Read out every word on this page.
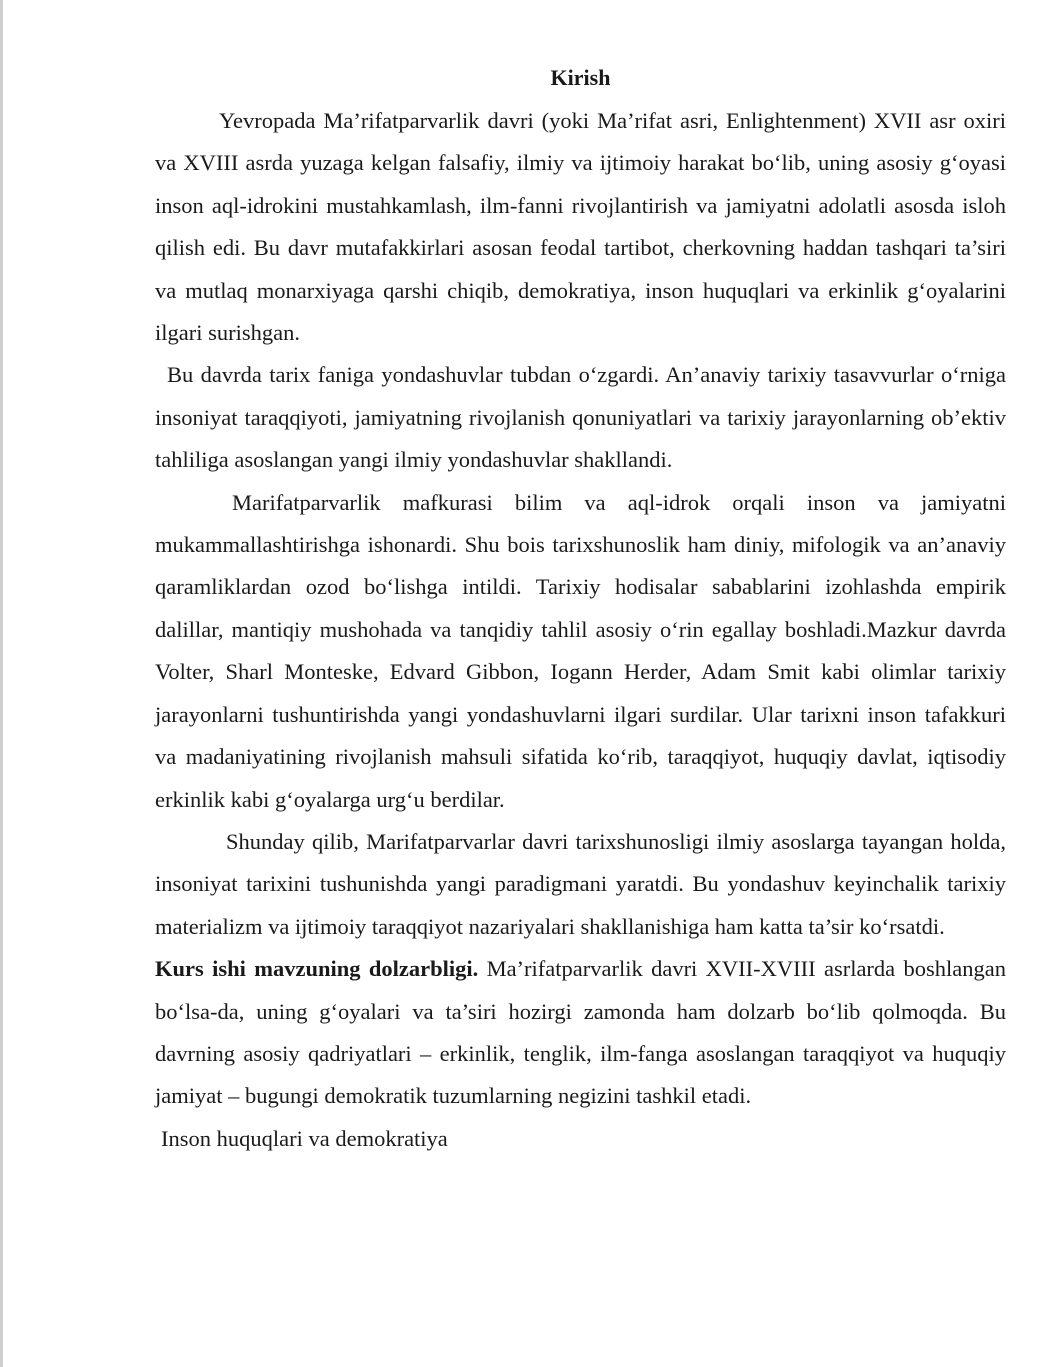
Kirish

Yevropada Ma’rifatparvarlik davri (yoki Ma’rifat asri, Enlightenment) XVII asr oxiri va XVIII asrda yuzaga kelgan falsafiy, ilmiy va ijtimoiy harakat bo‘lib, uning asosiy g‘oyasi inson aql-idrokini mustahkamlash, ilm-fanni rivojlantirish va jamiyatni adolatli asosda isloh qilish edi. Bu davr mutafakkirlari asosan feodal tartibot, cherkovning haddan tashqari ta’siri va mutlaq monarxiyaga qarshi chiqib, demokratiya, inson huquqlari va erkinlik g‘oyalarini ilgari surishgan.

Bu davrda tarix faniga yondashuvlar tubdan o‘zgardi. An’anaviy tarixiy tasavvurlar o‘rniga insoniyat taraqqiyoti, jamiyatning rivojlanish qonuniyatlari va tarixiy jarayonlarning ob’ektiv tahliliga asoslangan yangi ilmiy yondashuvlar shakllandi.

Marifatparvarlik mafkurasi bilim va aql-idrok orqali inson va jamiyatni mukammallashtirishga ishonardi. Shu bois tarixshunoslik ham diniy, mifologik va an’anaviy qaramliklardan ozod bo‘lishga intildi. Tarixiy hodisalar sabablarini izohlashda empirik dalillar, mantiqiy mushohada va tanqidiy tahlil asosiy o‘rin egallay boshladi.Mazkur davrda Volter, Sharl Monteske, Edvard Gibbon, Iogann Herder, Adam Smit kabi olimlar tarixiy jarayonlarni tushuntirishda yangi yondashuvlarni ilgari surdilar. Ular tarixni inson tafakkuri va madaniyatining rivojlanish mahsuli sifatida ko‘rib, taraqqiyot, huquqiy davlat, iqtisodiy erkinlik kabi g‘oyalarga urg‘u berdilar.

Shunday qilib, Marifatparvarlar davri tarixshunosligi ilmiy asoslarga tayangan holda, insoniyat tarixini tushunishda yangi paradigmani yaratdi. Bu yondashuv keyinchalik tarixiy materializm va ijtimoiy taraqqiyot nazariyalari shakllanishiga ham katta ta’sir ko‘rsatdi.

Kurs ishi mavzuning dolzarbligi. Ma’rifatparvarlik davri XVII-XVIII asrlarda boshlangan bo‘lsa-da, uning g‘oyalari va ta’siri hozirgi zamonda ham dolzarb bo‘lib qolmoqda. Bu davrning asosiy qadriyatlari – erkinlik, tenglik, ilm-fanga asoslangan taraqqiyot va huquqiy jamiyat – bugungi demokratik tuzumlarning negizini tashkil etadi.

Inson huquqlari va demokratiya
